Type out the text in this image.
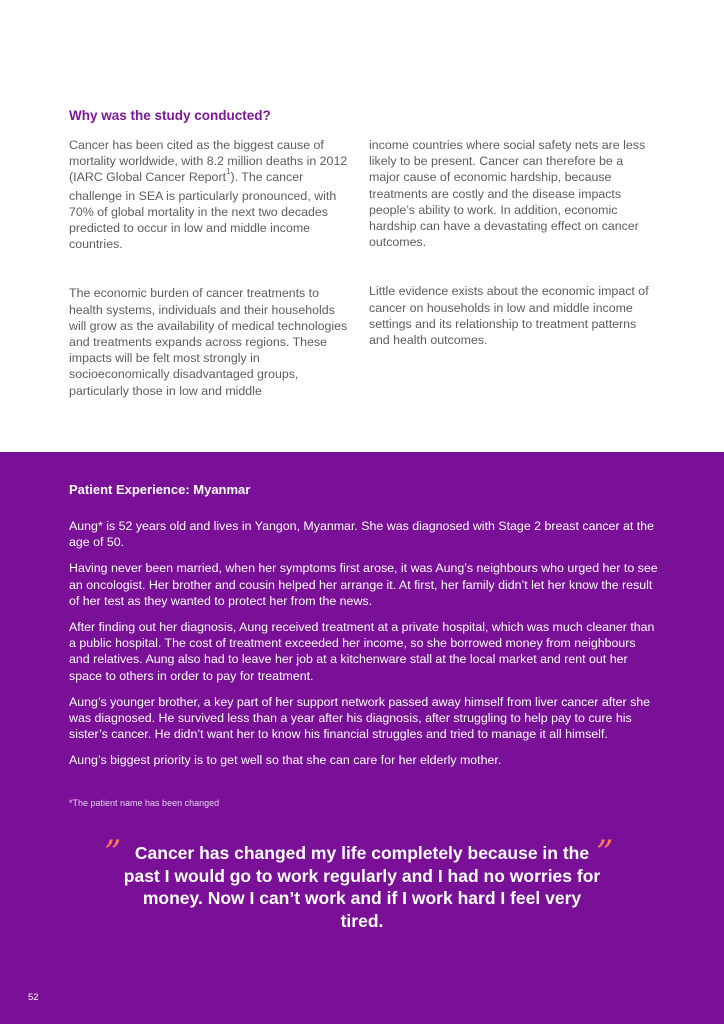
Why was the study conducted?

Cancer has been cited as the biggest cause of mortality worldwide, with 8.2 million deaths in 2012 (IARC Global Cancer Report$^1$). The cancer challenge in SEA is particularly pronounced, with 70% of global mortality in the next two decades predicted to occur in low and middle income countries.

The economic burden of cancer treatments to health systems, individuals and their households will grow as the availability of medical technologies and treatments expands across regions. These impacts will be felt most strongly in socioeconomically disadvantaged groups, particularly those in low and middle

income countries where social safety nets are less likely to be present. Cancer can therefore be a major cause of economic hardship, because treatments are costly and the disease impacts people’s ability to work. In addition, economic hardship can have a devastating effect on cancer outcomes.

Little evidence exists about the economic impact of cancer on households in low and middle income settings and its relationship to treatment patterns and health outcomes.

Patient Experience: Myanmar

Aung* is 52 years old and lives in Yangon, Myanmar. She was diagnosed with Stage 2 breast cancer at the age of 50.

Having never been married, when her symptoms first arose, it was Aung’s neighbours who urged her to see an oncologist. Her brother and cousin helped her arrange it. At first, her family didn’t let her know the result of her test as they wanted to protect her from the news.

After finding out her diagnosis, Aung received treatment at a private hospital, which was much cleaner than a public hospital. The cost of treatment exceeded her income, so she borrowed money from neighbours and relatives. Aung also had to leave her job at a kitchenware stall at the local market and rent out her space to others in order to pay for treatment.

Aung’s younger brother, a key part of her support network passed away himself from liver cancer after she was diagnosed. He survived less than a year after his diagnosis, after struggling to help pay to cure his sister’s cancer. He didn’t want her to know his financial struggles and tried to manage it all himself.

Aung’s biggest priority is to get well so that she can care for her elderly mother.

*The patient name has been changed
” Cancer has changed my life completely because in the past I would go to work regularly and I had no worries for money. Now I can’t work and if I work hard I feel very tired.

”
52
